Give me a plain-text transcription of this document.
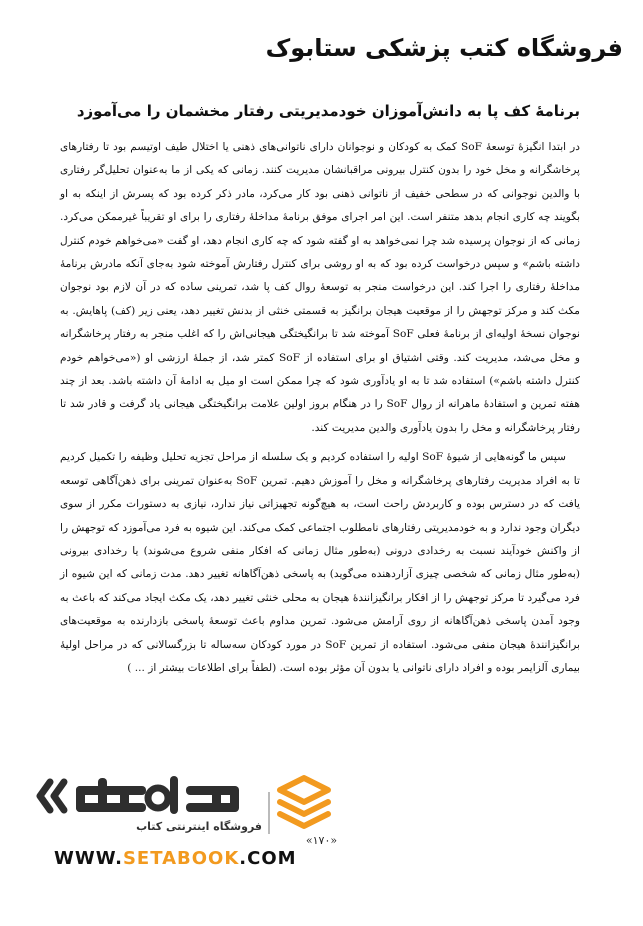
فروشگاه کتب پزشکی ستابوک
برنامهٔ کف پا به دانش‌آموزان خودمدیریتی رفتار مخشمان را می‌آموزد

در ابتدا انگیزهٔ توسعهٔ SoF کمک به کودکان و نوجوانان دارای ناتوانی‌های ذهنی یا اختلال طیف اوتیسم بود تا رفتارهای پرخاشگرانه و مخل خود را بدون کنترل بیرونی مراقبانشان مدیریت کنند. زمانی که یکی از ما به‌عنوان تحلیل‌گر رفتاری با والدین نوجوانی که در سطحی خفیف از ناتوانی ذهنی بود کار می‌کرد، مادر ذکر کرده بود که پسرش از اینکه به او بگویند چه کاری انجام بدهد متنفر است. این امر اجرای موفق برنامهٔ مداخلهٔ رفتاری را برای او تقریباً غیرممکن می‌کرد. زمانی که از نوجوان پرسیده شد چرا نمی‌خواهد به او گفته شود که چه کاری انجام دهد، او گفت «می‌خواهم خودم کنترل داشته باشم» و سپس درخواست کرده بود که به او روشی برای کنترل رفتارش آموخته شود به‌جای آنکه مادرش برنامهٔ مداخلهٔ رفتاری را اجرا کند. این درخواست منجر به توسعهٔ روال کف پا شد، تمرینی ساده که در آن لازم بود نوجوان مکث کند و مرکز توجهش را از موقعیت هیجان برانگیز به قسمتی خنثی از بدنش تغییر دهد، یعنی زیر (کف) پاهایش. به نوجوان نسخهٔ اولیه‌ای از برنامهٔ فعلی SoF آموخته شد تا برانگیختگی هیجانی‌اش را که اغلب منجر به رفتار پرخاشگرانه و مخل می‌شد، مدیریت کند. وقتی اشتیاق او برای استفاده از SoF کمتر شد، از جملهٔ ارزشی او («می‌خواهم خودم کنترل داشته باشم») استفاده شد تا به او یادآوری شود که چرا ممکن است او میل به ادامهٔ آن داشته باشد. بعد از چند هفته تمرین و استفادهٔ ماهرانه از روال SoF را در هنگام بروز اولین علامت برانگیختگی هیجانی یاد گرفت و قادر شد تا رفتار پرخاشگرانه و مخل را بدون یادآوری والدین مدیریت کند.

سپس ما گونه‌هایی از شیوهٔ SoF اولیه را استفاده کردیم و یک سلسله از مراحل تجزیه تحلیل وظیفه را تکمیل کردیم تا به افراد مدیریت رفتارهای پرخاشگرانه و مخل را آموزش دهیم. تمرین SoF به‌عنوان تمرینی برای ذهن‌آگاهی توسعه یافت که در دسترس بوده و کاربردش راحت است، به هیچ‌گونه تجهیزاتی نیاز ندارد، نیازی به دستورات مکرر از سوی دیگران وجود ندارد و به خودمدیریتی رفتارهای نامطلوب اجتماعی کمک می‌کند. این شیوه به فرد می‌آموزد که توجهش را از واکنش خودآیند نسبت به رخدادی درونی (به‌طور مثال زمانی که افکار منفی شروع می‌شوند) یا رخدادی بیرونی (به‌طور مثال زمانی که شخصی چیزی آزاردهنده می‌گوید) به پاسخی ذهن‌آگاهانه تغییر دهد. مدت زمانی که این شیوه از فرد می‌گیرد تا مرکز توجهش را از افکار برانگیزانندهٔ هیجان به محلی خنثی تغییر دهد، یک مکث ایجاد می‌کند که باعث به وجود آمدن پاسخی ذهن‌آگاهانه از روی آرامش می‌شود. تمرین مداوم باعث توسعهٔ پاسخی بازدارنده به موقعیت‌های برانگیزانندهٔ هیجان منفی می‌شود. استفاده از تمرین SoF در مورد کودکان سه‌ساله تا بزرگسالانی که در مراحل اولیهٔ بیماری آلزایمر بوده و افراد دارای ناتوانی یا بدون آن مؤثر بوده است. (لطفاً برای اطلاعات بیشتر از ... )

«۱۷۰»
فروشگاه اینترنتی کتاب
WWW.SETABOOK.COM
